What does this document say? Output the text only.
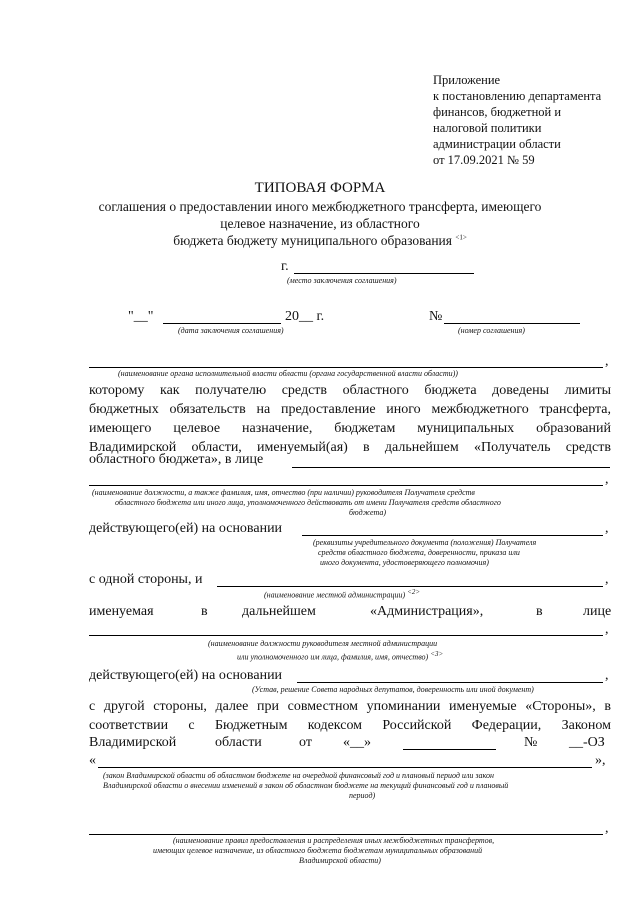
Приложение
к постановлению департамента
финансов, бюджетной и
налоговой политики
администрации области
от 17.09.2021 № 59
ТИПОВАЯ ФОРМА
соглашения о предоставлении иного межбюджетного трансферта, имеющего
целевое назначение, из областного
бюджета бюджету муниципального образования $^{<1>}$
г.
(место заключения соглашения)
"__"	20__ г.
(дата заключения соглашения)
№
(номер соглашения)
,
(наименование органа исполнительной власти области (органа государственной власти области))
которому как получателю средств областного бюджета доведены лимиты
бюджетных обязательств на предоставление иного межбюджетного трансферта,
имеющего целевое назначение, бюджетам муниципальных образований
Владимирской области, именуемый(ая) в дальнейшем «Получатель средств
областного бюджета», в лице
,
(наименование должности, а также фамилия, имя, отчество (при наличии) руководителя Получателя средств
областного бюджета или иного лица, уполномоченного действовать от имени Получателя средств областного
бюджета)
действующего(ей) на основании	,
(реквизиты учредительного документа (положения) Получателя
средств областного бюджета, доверенности, приказа или
иного документа, удостоверяющего полномочия)
с одной стороны, и	,
(наименование местной администрации) $^{<2>}$
именуемая	в дальнейшем	«Администрация»,	в	лице
,
(наименование должности руководителя местной администрации
или уполномоченного им лица, фамилия, имя, отчество) $^{<3>}$
действующего(ей) на основании	,
(Устав, решение Совета народных депутатов, доверенность или иной документ)
с другой стороны, далее при совместном упоминании именуемые «Стороны», в
соответствии с Бюджетным кодексом Российской Федерации, Законом
Владимирской	области	от «__»	№ __-ОЗ
«	»,
(закон Владимирской области об областном бюджете на очередной финансовый год и плановый период или закон
Владимирской области о внесении изменений в закон об областном бюджете на текущий финансовый год и плановый
период)
,
(наименование правил предоставления и распределения иных межбюджетных трансфертов,
имеющих целевое назначение, из областного бюджета бюджетам муниципальных образований
Владимирской области)
